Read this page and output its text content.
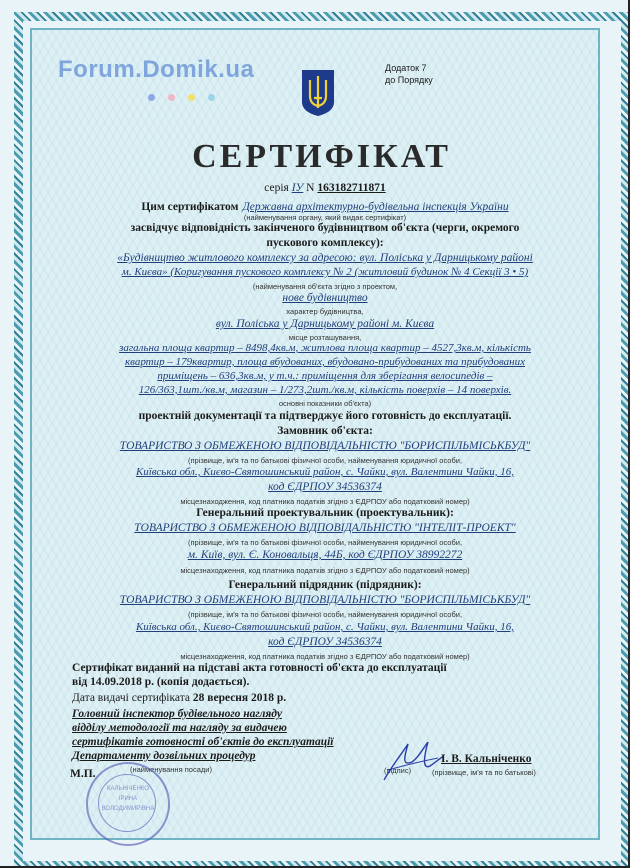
Forum.Domik.ua	Додаток 7
до Порядку
СЕРТИФІКАТ
серія ІУ N 163182711871
Цим сертифікатом Державна архітектурно-будівельна інспекція України
(найменування органу, який видає сертифікат)
засвідчує відповідність закінченого будівництвом об'єкта (черги, окремого
пускового комплексу):
«Будівництво житлового комплексу за адресою: вул. Поліська у Дарницькому районі
м. Києва» (Коригування пускового комплексу № 2 (житловий будинок № 4 Секції 3 • 5)
(найменування об'єкта згідно з проектом,
нове будівництво
характер будівництва,
вул. Поліська у Дарницькому районі м. Києва
місце розташування,
загальна площа квартир – 8498,4кв.м, житлова площа квартир – 4527,3кв.м, кількість
квартир – 179квартир, площа вбудованих, вбудовано-прибудованих та прибудованих
приміщень – 636,3кв.м, у т.ч.: приміщення для зберігання велосипедів –
126/363,1шт./кв.м, магазин – 1/273,2шт./кв.м, кількість поверхів – 14 поверхів.
основні показники об'єкта)
проектній документації та підтверджує його готовність до експлуатації.
Замовник об'єкта:
ТОВАРИСТВО З ОБМЕЖЕНОЮ ВІДПОВІДАЛЬНІСТЮ "БОРИСПІЛЬМІСЬКБУД"
(прізвище, ім'я та по батькові фізичної особи, найменування юридичної особи,
Київська обл., Києво-Святошинський район, с. Чайки, вул. Валентини Чайки, 16,
код ЄДРПОУ 34536374
місцезнаходження, код платника податків згідно з ЄДРПОУ або податковий номер)
Генеральний проектувальник (проектувальник):
ТОВАРИСТВО З ОБМЕЖЕНОЮ ВІДПОВІДАЛЬНІСТЮ "ІНТЕЛІТ-ПРОЕКТ"
(прізвище, ім'я та по батькові фізичної особи, найменування юридичної особи,
м. Київ, вул. Є. Коновальця, 44Б, код ЄДРПОУ 38992272
місцезнаходження, код платника податків згідно з ЄДРПОУ або податковий номер)
Генеральний підрядник (підрядник):
ТОВАРИСТВО З ОБМЕЖЕНОЮ ВІДПОВІДАЛЬНІСТЮ "БОРИСПІЛЬМІСЬКБУД"
(прізвище, ім'я та по батькові фізичної особи, найменування юридичної особи,
Київська обл., Києво-Святошинський район, с. Чайки, вул. Валентини Чайки, 16,
код ЄДРПОУ 34536374
місцезнаходження, код платника податків згідно з ЄДРПОУ або податковий номер)
Сертифікат виданий на підставі акта готовності об'єкта до експлуатації
від 14.09.2018 р. (копія додається).
Дата видачі сертифіката 28 вересня 2018 р.
Головний інспектор будівельного нагляду
відділу методології та нагляду за видачею
сертифікатів готовності об'єктів до експлуатації
Департаменту дозвільних процедур
(найменування посади)	(підпис)
І. В. Кальніченко
(прізвище, ім'я та по батькові)
М.П.
КАЛЬНІЧЕНКО
ІРИНА
ВОЛОДИМИРІВНА
